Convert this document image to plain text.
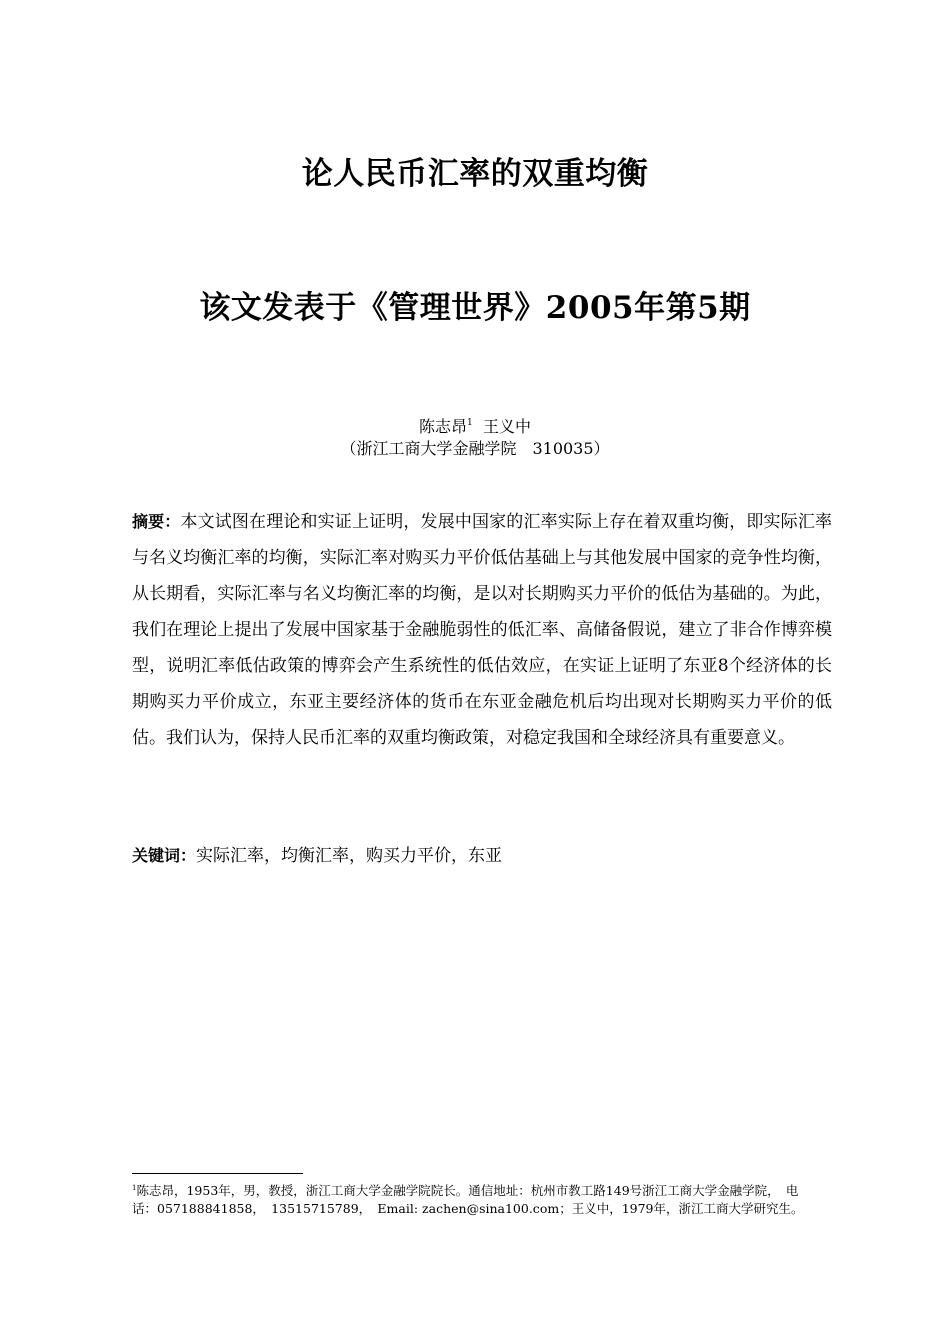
论人民币汇率的双重均衡
该文发表于《管理世界》2005年第5期
陈志昂$^1$ 王义中
（浙江工商大学金融学院　310035）

摘要：本文试图在理论和实证上证明，发展中国家的汇率实际上存在着双重均衡，即实际汇率与名义均衡汇率的均衡，实际汇率对购买力平价低估基础上与其他发展中国家的竞争性均衡，从长期看，实际汇率与名义均衡汇率的均衡，是以对长期购买力平价的低估为基础的。为此，我们在理论上提出了发展中国家基于金融脆弱性的低汇率、高储备假说，建立了非合作博弈模型，说明汇率低估政策的博弈会产生系统性的低估效应，在实证上证明了东亚8个经济体的长期购买力平价成立，东亚主要经济体的货币在东亚金融危机后均出现对长期购买力平价的低估。我们认为，保持人民币汇率的双重均衡政策，对稳定我国和全球经济具有重要意义。

关键词：实际汇率，均衡汇率，购买力平价，东亚

$^1$陈志昂，1953年，男，教授，浙江工商大学金融学院院长。通信地址：杭州市教工路149号浙江工商大学金融学院，　电话：057188841858，　13515715789，　Email: zachen@sina100.com；王义中，1979年，浙江工商大学研究生。
